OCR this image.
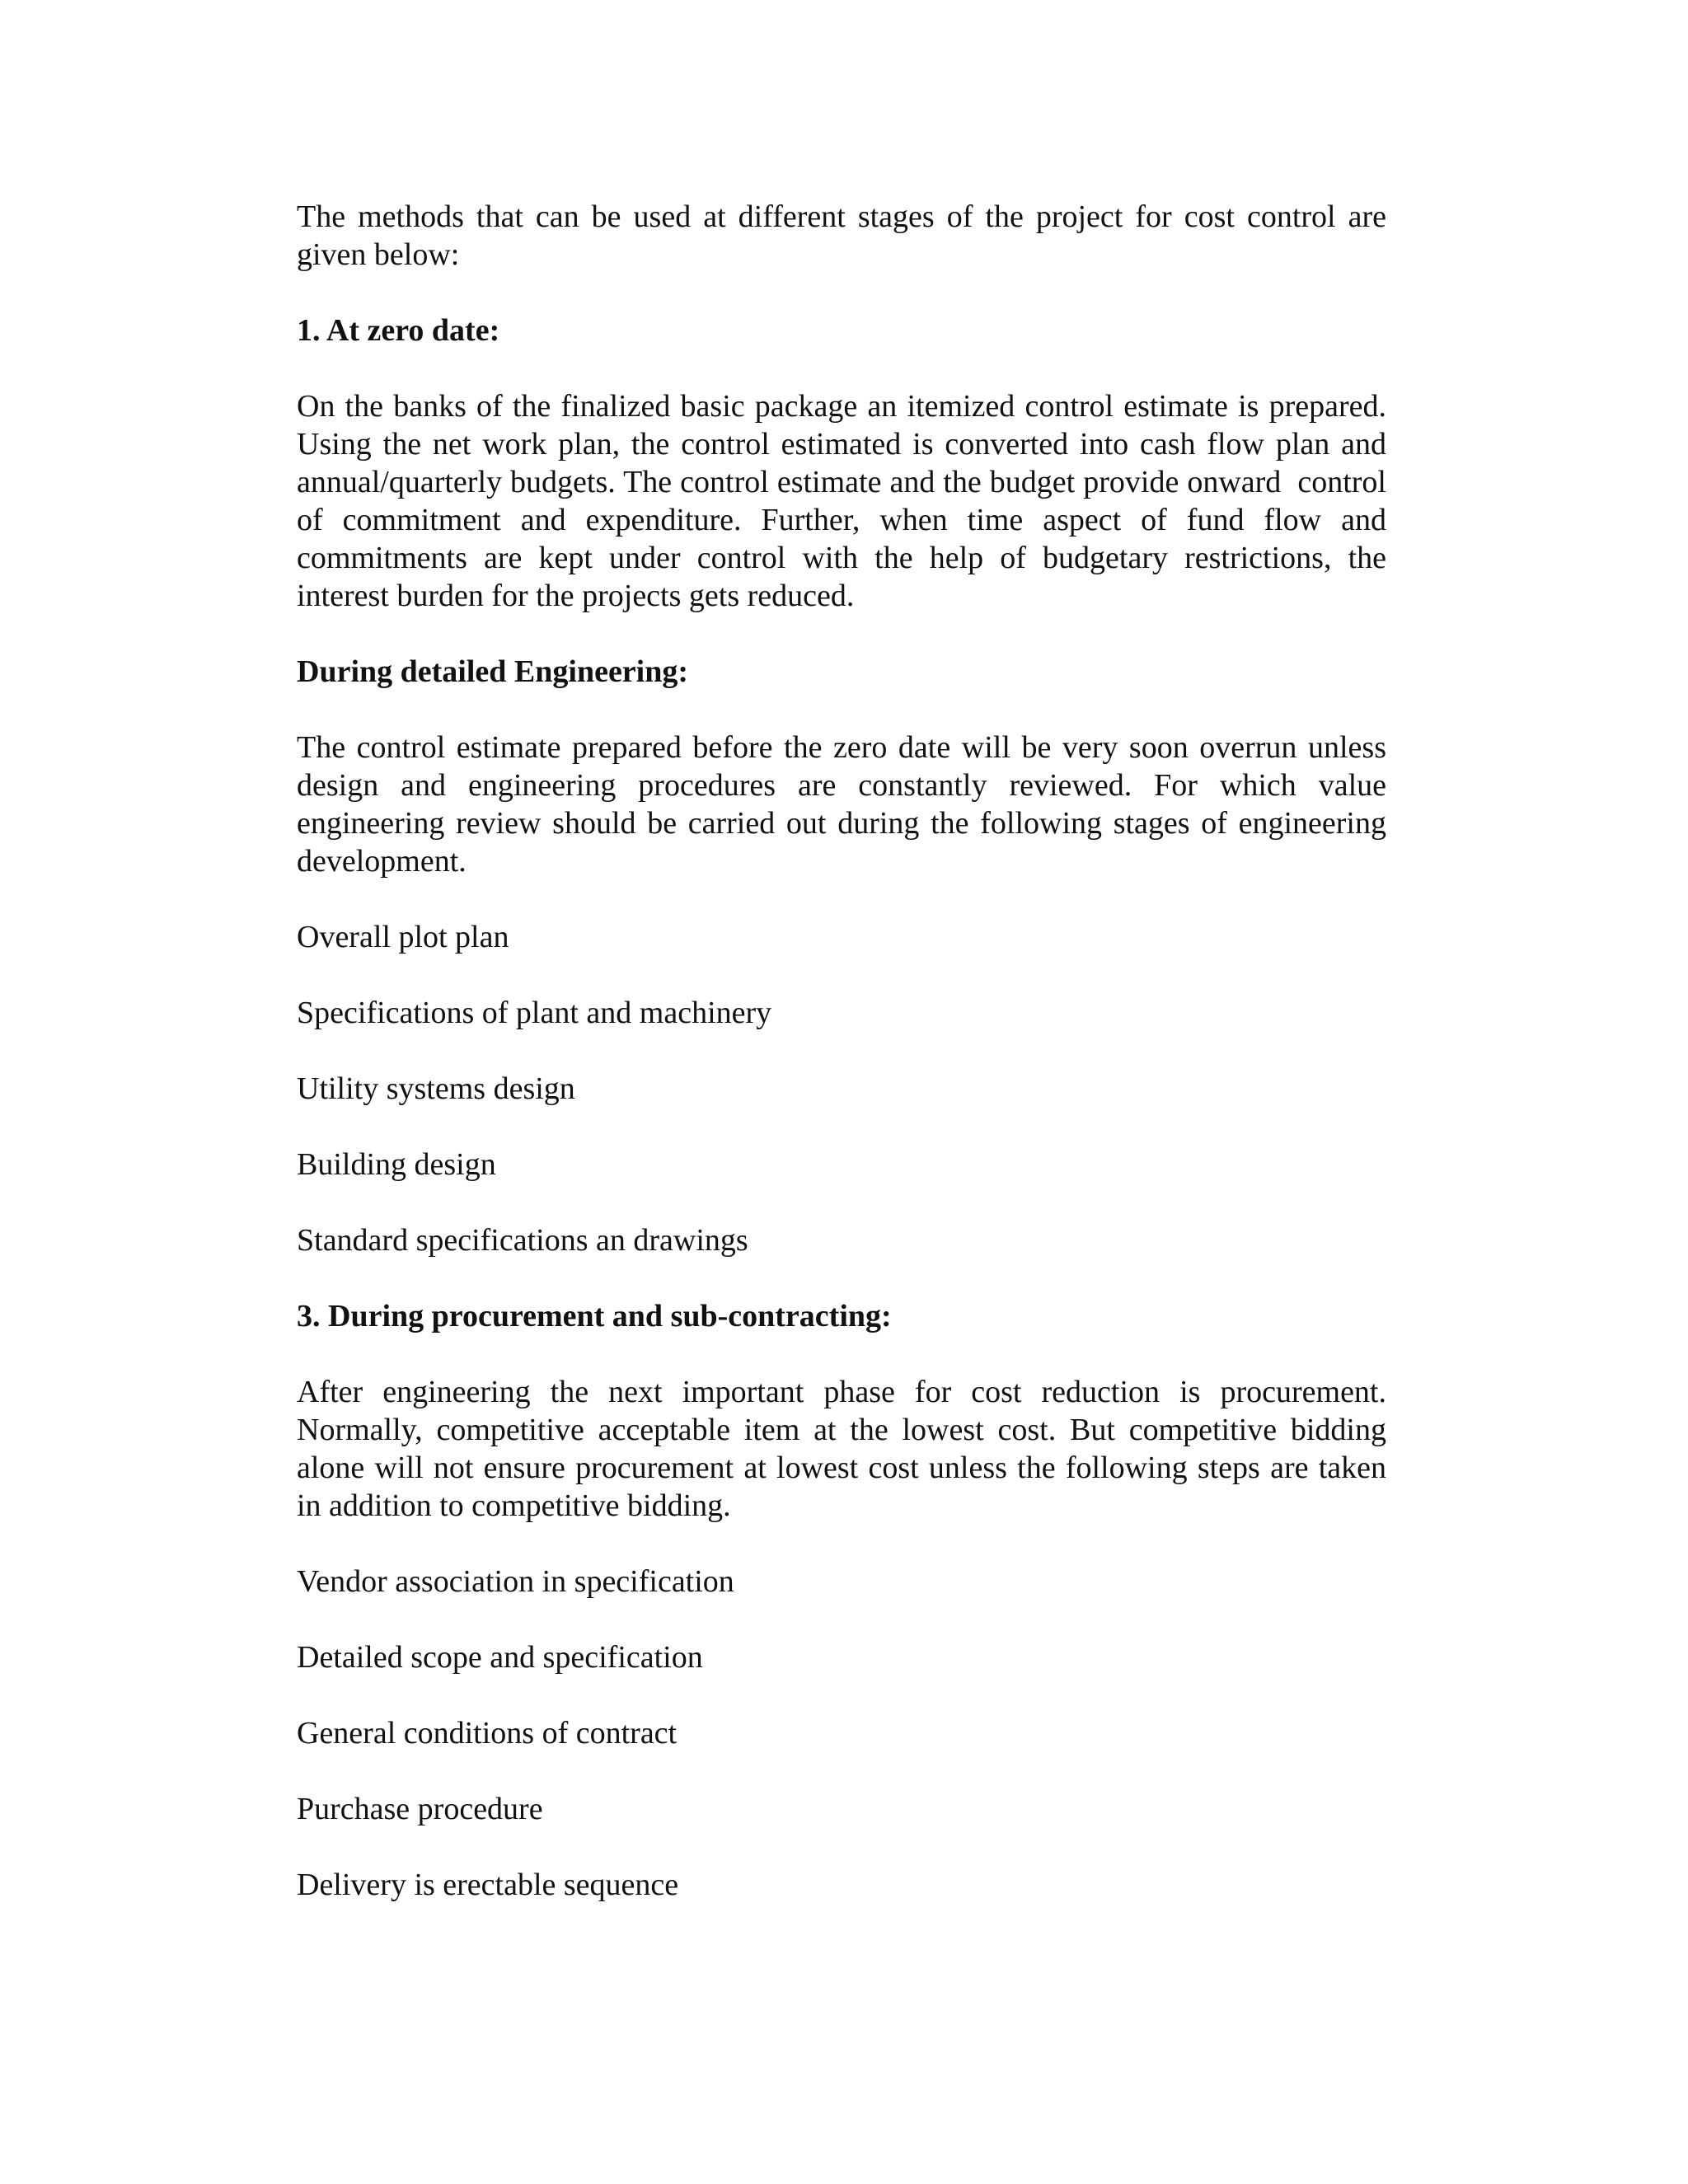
The methods that can be used at different stages of the project for cost control are given below:

1. At zero date:

On the banks of the finalized basic package an itemized control estimate is prepared. Using the net work plan, the control estimated is converted into cash flow plan and annual/quarterly budgets. The control estimate and the budget provide onward  control of commitment and expenditure. Further, when time aspect of fund flow and commitments are kept under control with the help of budgetary restrictions, the interest burden for the projects gets reduced.

During detailed Engineering:

The control estimate prepared before the zero date will be very soon overrun unless design and engineering procedures are constantly reviewed. For which value engineering review should be carried out during the following stages of engineering development.

Overall plot plan

Specifications of plant and machinery

Utility systems design

Building design

Standard specifications an drawings

3. During procurement and sub-contracting:

After engineering the next important phase for cost reduction is procurement. Normally, competitive acceptable item at the lowest cost. But competitive bidding alone will not ensure procurement at lowest cost unless the following steps are taken in addition to competitive bidding.

Vendor association in specification

Detailed scope and specification

General conditions of contract

Purchase procedure

Delivery is erectable sequence
